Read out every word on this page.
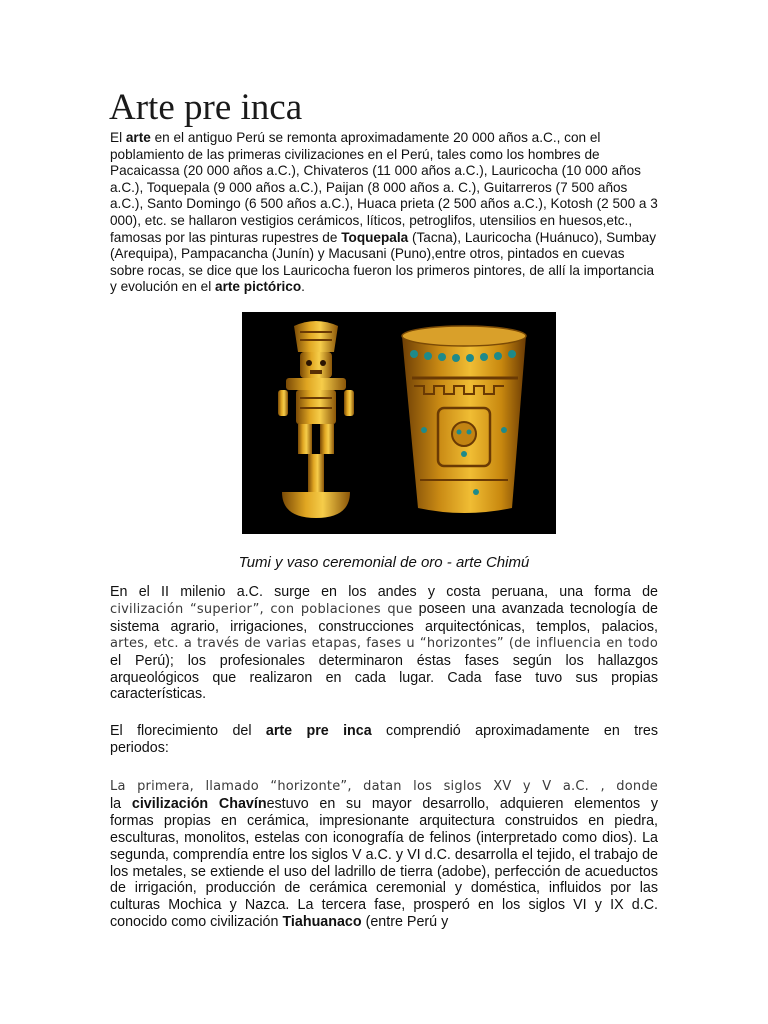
Arte pre inca

El arte en el antiguo Perú se remonta aproximadamente 20 000 años a.C., con el poblamiento de las primeras civilizaciones en el Perú, tales como los hombres de Pacaicassa (20 000 años a.C.), Chivateros (11 000 años a.C.), Lauricocha (10 000 años a.C.), Toquepala (9 000 años a.C.), Paijan (8 000 años a. C.), Guitarreros (7 500 años a.C.), Santo Domingo (6 500 años a.C.), Huaca prieta (2 500 años a.C.), Kotosh (2 500 a 3 000), etc. se hallaron vestigios cerámicos, líticos, petroglifos, utensilios en huesos,etc., famosas por las pinturas rupestres de Toquepala (Tacna), Lauricocha (Huánuco), Sumbay (Arequipa), Pampacancha (Junín) y Macusani (Puno),entre otros, pintados en cuevas sobre rocas, se dice que los Lauricocha fueron los primeros pintores, de allí la importancia y evolución en el arte pictórico.

Tumi y vaso ceremonial de oro - arte Chimú

En el II milenio a.C. surge en los andes y costa peruana, una forma de
civilización “superior”, con poblaciones que poseen una avanzada tecnología de
sistema agrario, irrigaciones, construcciones arquitectónicas, templos, palacios,
artes, etc. a través de varias etapas, fases u “horizontes” (de influencia en todo
el Perú); los profesionales determinaron éstas fases según los hallazgos
arqueológicos que realizaron en cada lugar. Cada fase tuvo sus propias
características.

El florecimiento del arte pre inca comprendió aproximadamente en tres
periodos:

La primera, llamado “horizonte”, datan los siglos XV y V a.C. , donde
la civilización Chavínestuvo en su mayor desarrollo, adquieren elementos y
formas propias en cerámica, impresionante arquitectura construidos en piedra, esculturas, monolitos, estelas con iconografía de felinos (interpretado como dios). La segunda, comprendía entre los siglos V a.C. y VI d.C. desarrolla el tejido, el trabajo de los metales, se extiende el uso del ladrillo de tierra (adobe), perfección de acueductos de irrigación, producción de cerámica ceremonial y doméstica, influidos por las culturas Mochica y Nazca. La tercera fase, prosperó en los siglos VI y IX d.C. conocido como civilización Tiahuanaco (entre Perú y
